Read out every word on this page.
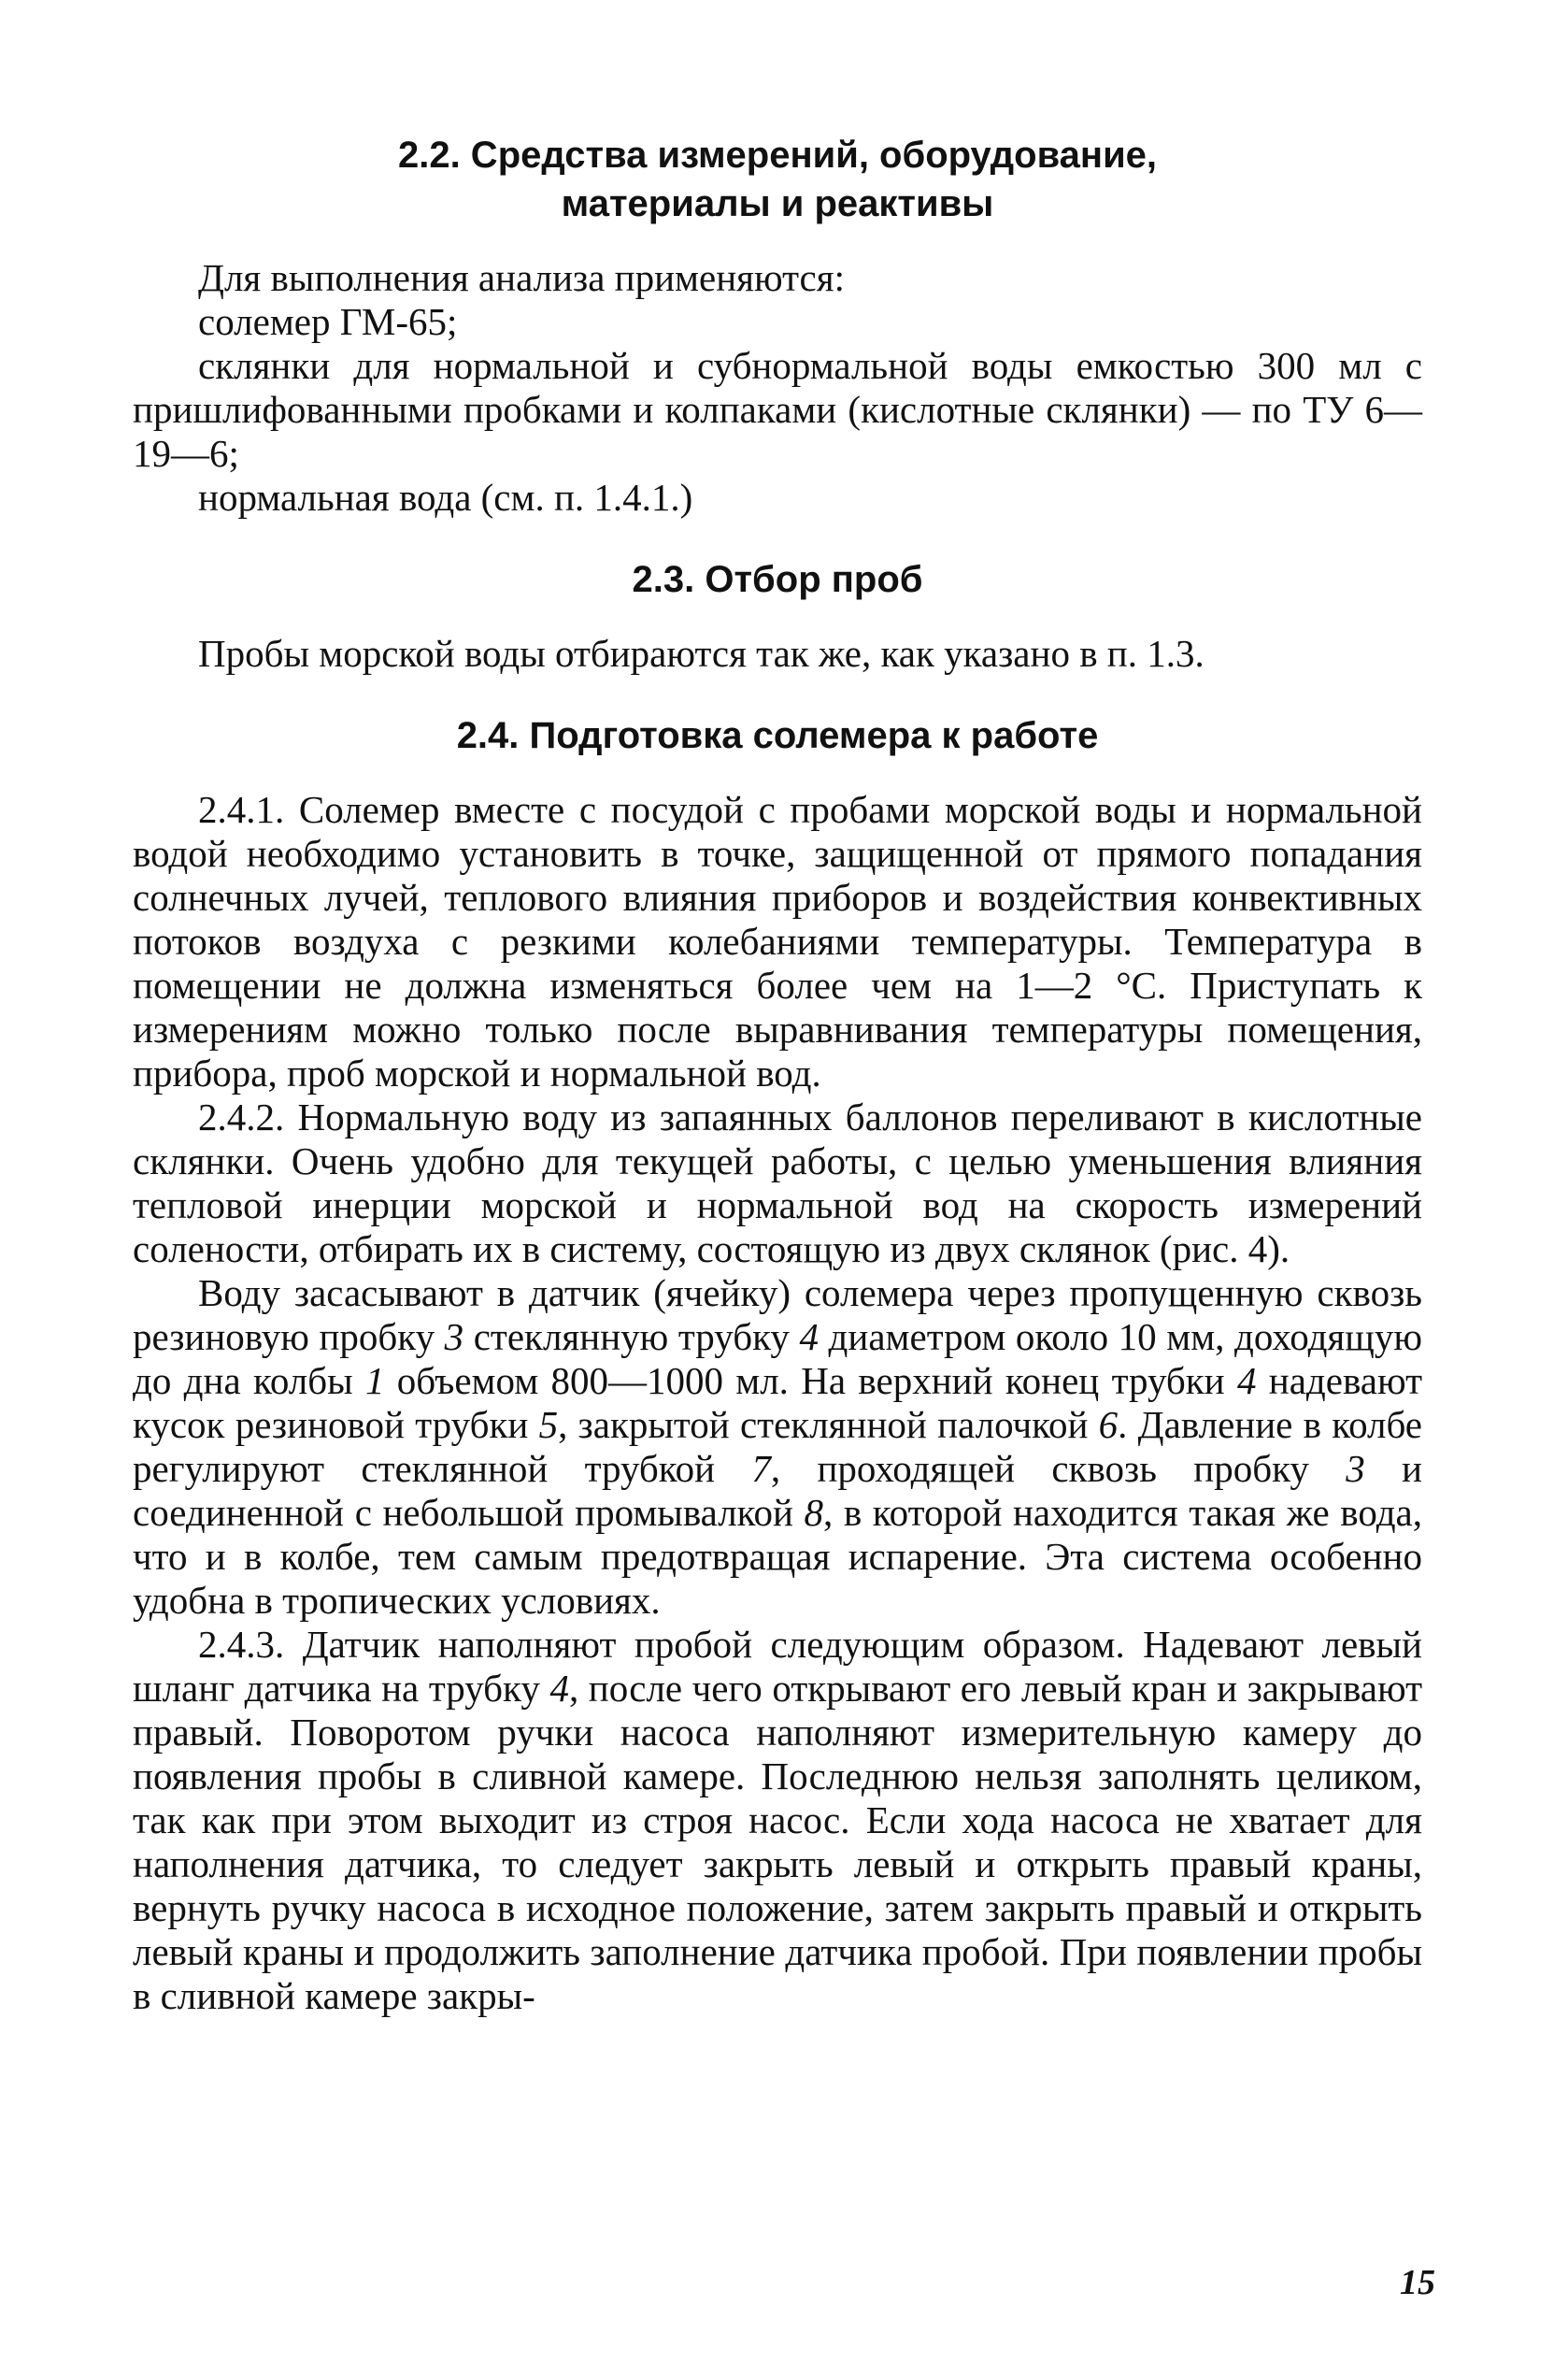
2.2. Средства измерений, оборудование,
материалы и реактивы

Для выполнения анализа применяются:

солемер ГМ-65;

склянки для нормальной и субнормальной воды емкостью 300 мл с пришлифованными пробками и колпаками (кислотные склянки) — по ТУ 6—19—6;

нормальная вода (см. п. 1.4.1.)

2.3. Отбор проб

Пробы морской воды отбираются так же, как указано в п. 1.3.

2.4. Подготовка солемера к работе

2.4.1. Солемер вместе с посудой с пробами морской воды и нормальной водой необходимо установить в точке, защищенной от прямого попадания солнечных лучей, теплового влияния приборов и воздействия конвективных потоков воздуха с резкими колебаниями температуры. Температура в помещении не должна изменяться более чем на 1—2 °С. Приступать к измерениям можно только после выравнивания температуры помещения, прибора, проб морской и нормальной вод.

2.4.2. Нормальную воду из запаянных баллонов переливают в кислотные склянки. Очень удобно для текущей работы, с целью уменьшения влияния тепловой инерции морской и нормальной вод на скорость измерений солености, отбирать их в систему, состоящую из двух склянок (рис. 4).

Воду засасывают в датчик (ячейку) солемера через пропущенную сквозь резиновую пробку 3 стеклянную трубку 4 диаметром около 10 мм, доходящую до дна колбы 1 объемом 800—1000 мл. На верхний конец трубки 4 надевают кусок резиновой трубки 5, закрытой стеклянной палочкой 6. Давление в колбе регулируют стеклянной трубкой 7, проходящей сквозь пробку 3 и соединенной с небольшой промывалкой 8, в которой находится такая же вода, что и в колбе, тем самым предотвращая испарение. Эта система особенно удобна в тропических условиях.

2.4.3. Датчик наполняют пробой следующим образом. Надевают левый шланг датчика на трубку 4, после чего открывают его левый кран и закрывают правый. Поворотом ручки насоса наполняют измерительную камеру до появления пробы в сливной камере. Последнюю нельзя заполнять целиком, так как при этом выходит из строя насос. Если хода насоса не хватает для наполнения датчика, то следует закрыть левый и открыть правый краны, вернуть ручку насоса в исходное положение, затем закрыть правый и открыть левый краны и продолжить заполнение датчика пробой. При появлении пробы в сливной камере закры-

15
